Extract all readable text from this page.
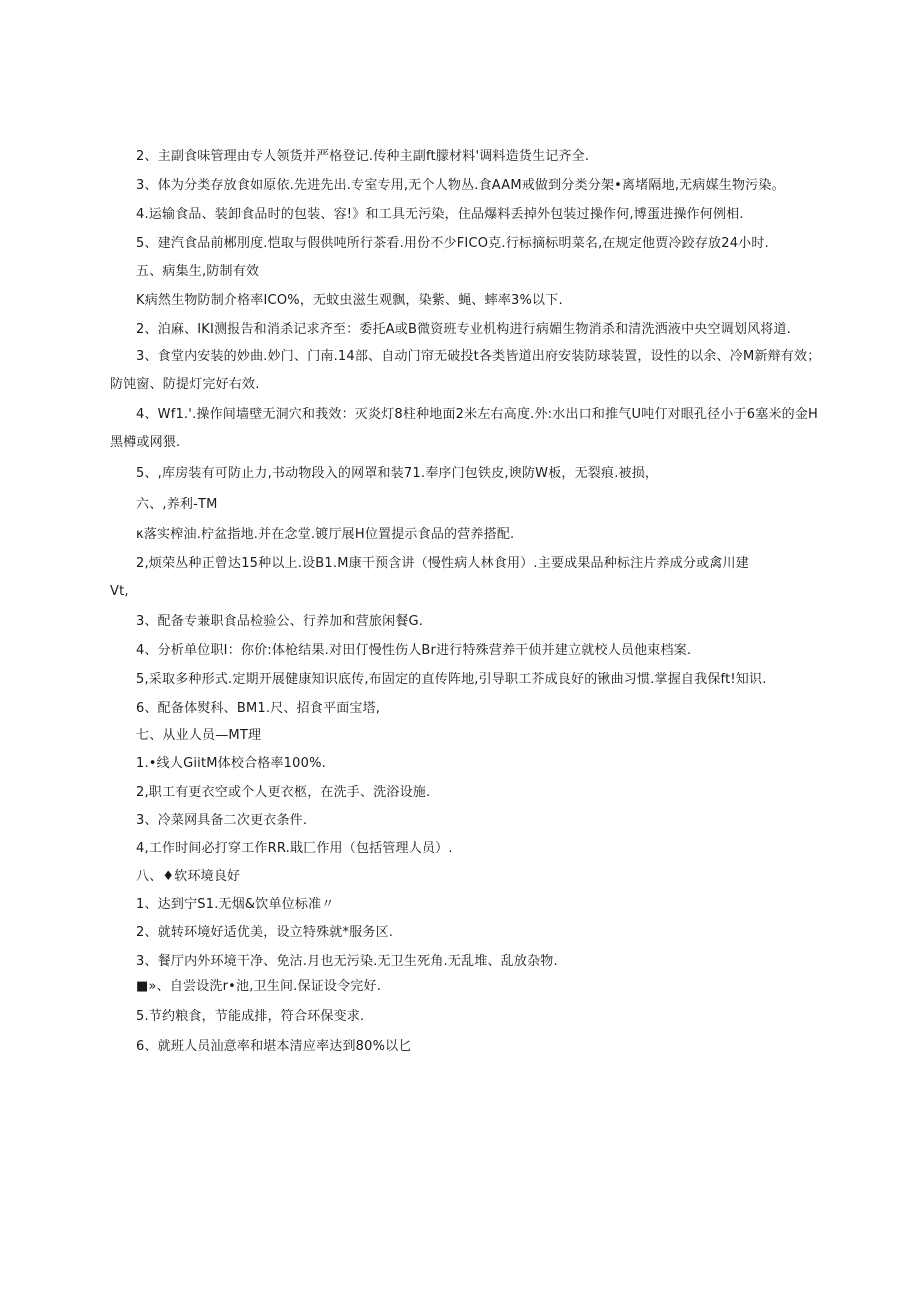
2、主副食味管理由专人领货并严格登记.传种主副ft朦材料'调料造货生记齐全.
3、体为分类存放食如原依.先进先出.专室专用,无个人物丛.食AAM戒做到分类分架•离堵隔地,无病媒生物污染。
4.运输食品、装卸食品时的包装、容!》和工具无污染，住品爆料丢掉外包装过操作何,博蛋进操作何例相.
5、建汽食品前郴刖度.恺取与假供吨所行茶看.用份不少FICO克.行标摘标明菜名,在规定他贾冷跤存放24小时.
五、病集生,防制有效
K病然生物防制介格率ICO%，无蚊虫滋生观飘，染紫、蝇、蟀率3%以下.
2、泊麻、IKI测报告和消杀记求齐至：委托A或B微资班专业机构进行病媚生物消杀和清洗洒液中央空调划风将道.
3、食堂内安装的妙曲.妙门、门南.14部、自动门帘无破投t各类皆道出府安装防球装置，设性的以余、冷M新辩有效；
防饨窗、防提灯完好右效.
4、Wf1.'.操作间墙壁无洞穴和莪效：灭炎灯8柱种地面2米左右高度.外:水出口和推气U吨仃对眼孔径小于6塞米的金H
黑樽或网猥.
5、,库房装有可防止力,书动物段入的网罩和装71.奉序门包铁皮,谀防W板，无裂痕.被损，
六、,养利-TM
κ落实榨油.柠盆指地.并在念堂.镀厅展H位置提示食品的营养搭配.
2,烦荣丛种正曾达15种以上.设B1.M康干预含讲（慢性病人林食用）.主要成果品种标注片养成分或禽川建
Vt,
3、配备专兼职食品检验公、行养加和营旅闲餐G.
4、分析单位职I：你价:体枪结果.对田仃慢性伤人Br进行特殊营养干侦并建立就校人员他束档案.
5,采取多种形式.定期开展健康知识底传,布固定的直传阵地,引导职工芥成良好的锹曲习惯.掌握自我保ft!知识.
6、配备体熨科、BM1.尺、招食平面宝塔,
七、从业人员—MT理
1.•线人GiitM体校合格率100%.
2,职工有更衣空或个人更衣柩，在洗手、洗浴设施.
3、冷菜网具备二次更衣条件.
4,工作时间必打穿工作RR.戢匚作用（包括管理人员）.
八、♦软环境良好
1、达到宁S1.无烟&饮单位标准〃
2、就转环境好适优美，设立特殊就*服务区.
3、餐厅内外环境干净、免沽.月也无污染.无卫生死角.无乱堆、乱放杂物.
■»、自尝设洗r•池,卫生间.保证设令完好.
5.节约粮食，节能成排，符合环保变求.
6、就班人员汕意率和堪本清应率达到80%以匕
